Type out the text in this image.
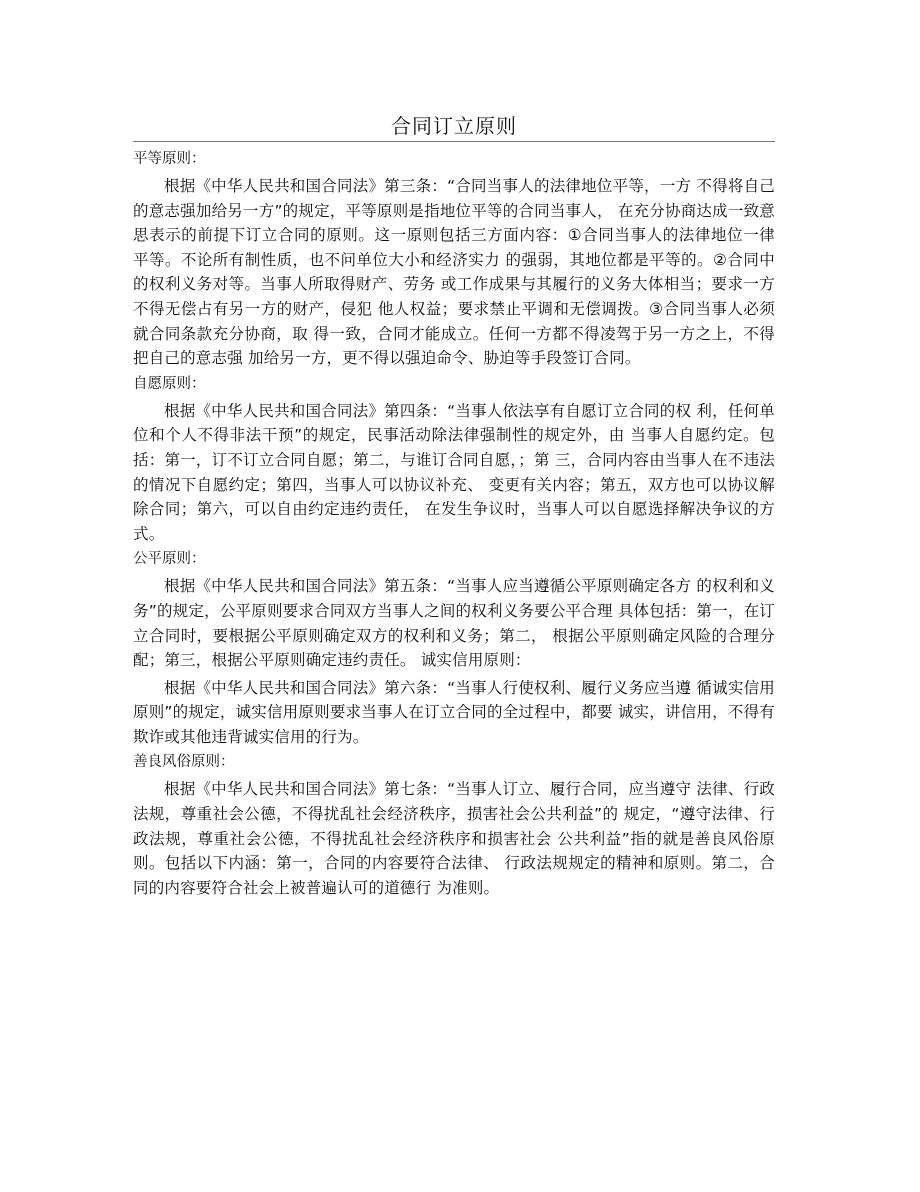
合同订立原则
平等原则：

根据《中华人民共和国合同法》第三条：“合同当事人的法律地位平等，一方 不得将自己的意志强加给另一方”的规定，平等原则是指地位平等的合同当事人， 在充分协商达成一致意思表示的前提下订立合同的原则。这一原则包括三方面内容：①合同当事人的法律地位一律平等。不论所有制性质，也不问单位大小和经济实力 的强弱，其地位都是平等的。②合同中的权利义务对等。当事人所取得财产、劳务 或工作成果与其履行的义务大体相当；要求一方不得无偿占有另一方的财产，侵犯 他人权益；要求禁止平调和无偿调拨。③合同当事人必须就合同条款充分协商，取 得一致，合同才能成立。任何一方都不得凌驾于另一方之上，不得把自己的意志强 加给另一方，更不得以强迫命令、胁迫等手段签订合同。

自愿原则：

根据《中华人民共和国合同法》第四条：“当事人依法享有自愿订立合同的权 利，任何单位和个人不得非法干预”的规定，民事活动除法律强制性的规定外，由 当事人自愿约定。包括：第一，订不订立合同自愿；第二，与谁订合同自愿，；第 三，合同内容由当事人在不违法的情况下自愿约定；第四，当事人可以协议补充、 变更有关内容；第五，双方也可以协议解除合同；第六，可以自由约定违约责任， 在发生争议时，当事人可以自愿选择解决争议的方式。

公平原则：

根据《中华人民共和国合同法》第五条：“当事人应当遵循公平原则确定各方 的权利和义务”的规定，公平原则要求合同双方当事人之间的权利义务要公平合理 具体包括：第一，在订立合同时，要根据公平原则确定双方的权利和义务；第二， 根据公平原则确定风险的合理分配；第三，根据公平原则确定违约责任。 诚实信用原则：

根据《中华人民共和国合同法》第六条：“当事人行使权利、履行义务应当遵 循诚实信用原则”的规定，诚实信用原则要求当事人在订立合同的全过程中，都要 诚实，讲信用，不得有欺诈或其他违背诚实信用的行为。

善良风俗原则：

根据《中华人民共和国合同法》第七条：“当事人订立、履行合同，应当遵守 法律、行政法规，尊重社会公德，不得扰乱社会经济秩序，损害社会公共利益”的 规定，“遵守法律、行政法规，尊重社会公德，不得扰乱社会经济秩序和损害社会 公共利益”指的就是善良风俗原则。包括以下内涵：第一，合同的内容要符合法律、 行政法规规定的精神和原则。第二，合同的内容要符合社会上被普遍认可的道德行 为准则。
